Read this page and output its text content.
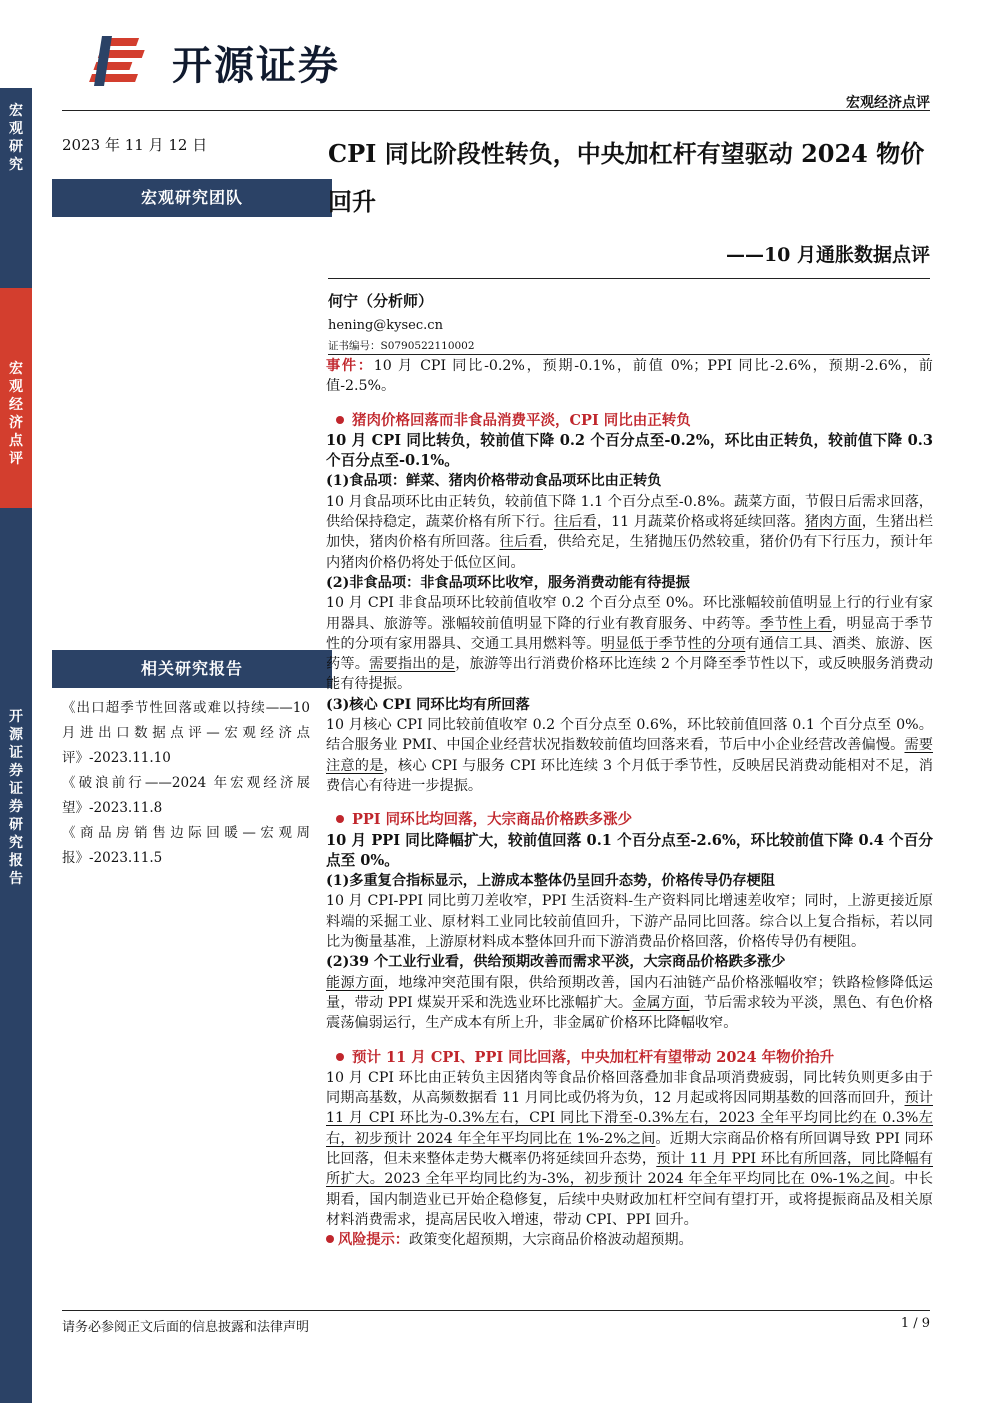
宏
观
研
究
宏
观
经
济
点
评
开
源
证
券
证
券
研
究
报
告
开源证券
宏观经济点评
2023 年 11 月 12 日
宏观研究团队
相关研究报告

《出口超季节性回落或难以持续——10 月进出口数据点评—宏观经济点评》-2023.11.10

《破浪前行——2024 年宏观经济展望》-2023.11.8

《商品房销售边际回暖—宏观周报》-2023.11.5

CPI 同比阶段性转负，中央加杠杆有望驱动 2024 物价回升
——10 月通胀数据点评
何宁（分析师）
hening@kysec.cn
证书编号：S0790522110002

事件：10 月 CPI 同比-0.2%，预期-0.1%，前值 0%；PPI 同比-2.6%，预期-2.6%，前值-2.5%。

猪肉价格回落而非食品消费平淡，CPI 同比由正转负

10 月 CPI 同比转负，较前值下降 0.2 个百分点至-0.2%，环比由正转负，较前值下降 0.3 个百分点至-0.1%。

(1)食品项：鲜菜、猪肉价格带动食品项环比由正转负

10 月食品项环比由正转负，较前值下降 1.1 个百分点至-0.8%。蔬菜方面，节假日后需求回落，供给保持稳定，蔬菜价格有所下行。往后看，11 月蔬菜价格或将延续回落。猪肉方面，生猪出栏加快，猪肉价格有所回落。往后看，供给充足，生猪抛压仍然较重，猪价仍有下行压力，预计年内猪肉价格仍将处于低位区间。

(2)非食品项：非食品项环比收窄，服务消费动能有待提振

10 月 CPI 非食品项环比较前值收窄 0.2 个百分点至 0%。环比涨幅较前值明显上行的行业有家用器具、旅游等。涨幅较前值明显下降的行业有教育服务、中药等。季节性上看，明显高于季节性的分项有家用器具、交通工具用燃料等。明显低于季节性的分项有通信工具、酒类、旅游、医药等。需要指出的是，旅游等出行消费价格环比连续 2 个月降至季节性以下，或反映服务消费动能有待提振。

(3)核心 CPI 同环比均有所回落

10 月核心 CPI 同比较前值收窄 0.2 个百分点至 0.6%，环比较前值回落 0.1 个百分点至 0%。结合服务业 PMI、中国企业经营状况指数较前值均回落来看，节后中小企业经营改善偏慢。需要注意的是，核心 CPI 与服务 CPI 环比连续 3 个月低于季节性，反映居民消费动能相对不足，消费信心有待进一步提振。

PPI 同环比均回落，大宗商品价格跌多涨少

10 月 PPI 同比降幅扩大，较前值回落 0.1 个百分点至-2.6%，环比较前值下降 0.4 个百分点至 0%。

(1)多重复合指标显示，上游成本整体仍呈回升态势，价格传导仍存梗阻

10 月 CPI-PPI 同比剪刀差收窄，PPI 生活资料-生产资料同比增速差收窄；同时，上游更接近原料端的采掘工业、原材料工业同比较前值回升，下游产品同比回落。综合以上复合指标，若以同比为衡量基准，上游原材料成本整体回升而下游消费品价格回落，价格传导仍有梗阻。

(2)39 个工业行业看，供给预期改善而需求平淡，大宗商品价格跌多涨少

能源方面，地缘冲突范围有限，供给预期改善，国内石油链产品价格涨幅收窄；铁路检修降低运量，带动 PPI 煤炭开采和洗选业环比涨幅扩大。金属方面，节后需求较为平淡，黑色、有色价格震荡偏弱运行，生产成本有所上升，非金属矿价格环比降幅收窄。

预计 11 月 CPI、PPI 同比回落，中央加杠杆有望带动 2024 年物价抬升

10 月 CPI 环比由正转负主因猪肉等食品价格回落叠加非食品项消费疲弱，同比转负则更多由于同期高基数，从高频数据看 11 月同比或仍将为负，12 月起或将因同期基数的回落而回升，预计 11 月 CPI 环比为-0.3%左右，CPI 同比下滑至-0.3%左右，2023 全年平均同比约在 0.3%左右，初步预计 2024 年全年平均同比在 1%-2%之间。近期大宗商品价格有所回调导致 PPI 同环比回落，但未来整体走势大概率仍将延续回升态势，预计 11 月 PPI 环比有所回落，同比降幅有所扩大。2023 全年平均同比约为-3%，初步预计 2024 年全年平均同比在 0%-1%之间。中长期看，国内制造业已开始企稳修复，后续中央财政加杠杆空间有望打开，或将提振商品及相关原材料消费需求，提高居民收入增速，带动 CPI、PPI 回升。

风险提示：政策变化超预期，大宗商品价格波动超预期。

请务必参阅正文后面的信息披露和法律声明	1 / 9
